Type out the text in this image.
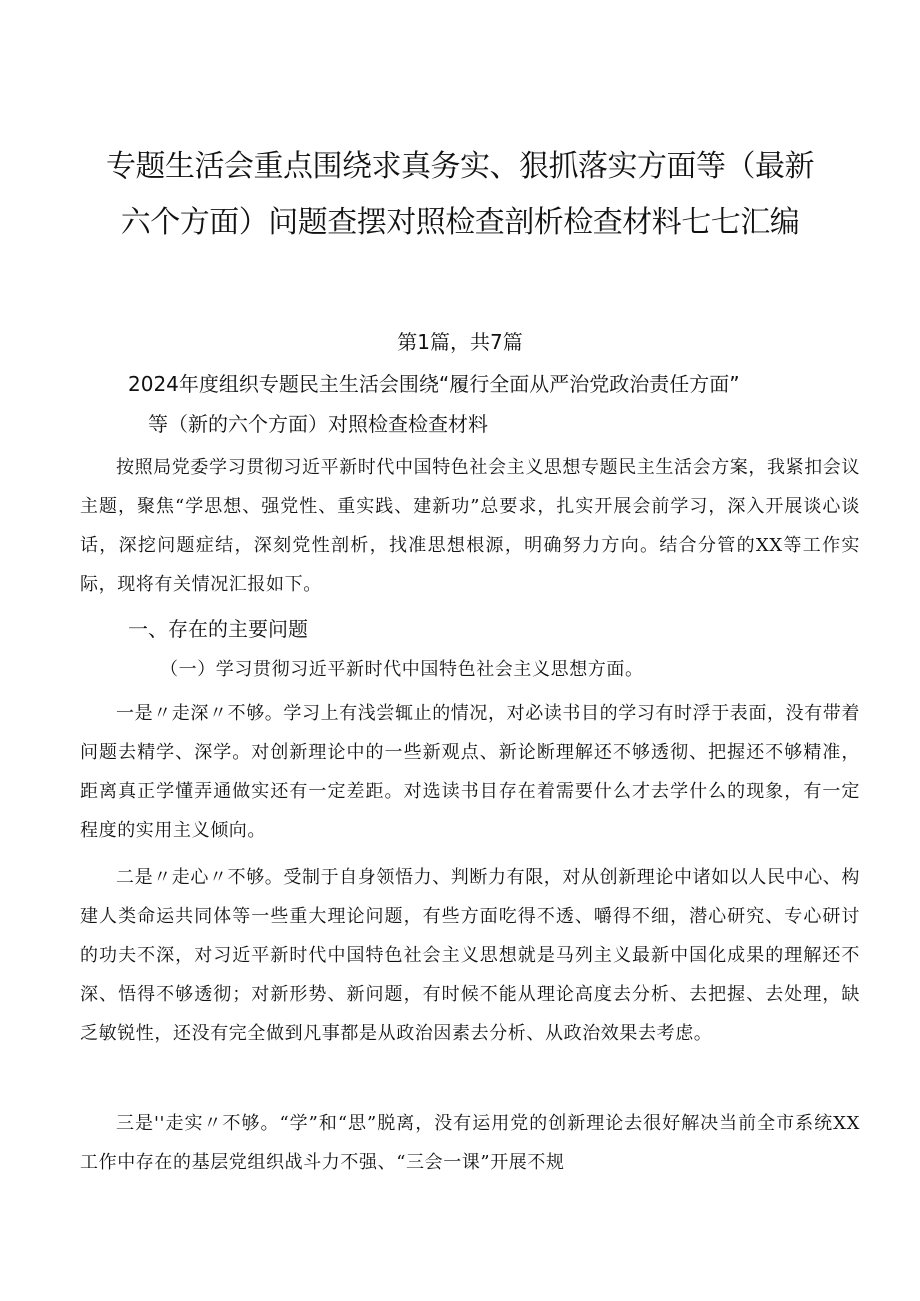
专题生活会重点围绕求真务实、狠抓落实方面等（最新
六个方面）问题查摆对照检查剖析检查材料七七汇编
第1篇，共7篇
2024年度组织专题民主生活会围绕“履行全面从严治党政治责任方面”
等（新的六个方面）对照检查检查材料

按照局党委学习贯彻习近平新时代中国特色社会主义思想专题民主生活会方案，我紧扣会议主题，聚焦“学思想、强党性、重实践、建新功”总要求，扎实开展会前学习，深入开展谈心谈话，深挖问题症结，深刻党性剖析，找准思想根源，明确努力方向。结合分管的XX等工作实际，现将有关情况汇报如下。

一、存在的主要问题
（一）学习贯彻习近平新时代中国特色社会主义思想方面。

一是〃走深〃不够。学习上有浅尝辄止的情况，对必读书目的学习有时浮于表面，没有带着问题去精学、深学。对创新理论中的一些新观点、新论断理解还不够透彻、把握还不够精准，距离真正学懂弄通做实还有一定差距。对选读书目存在着需要什么才去学什么的现象，有一定程度的实用主义倾向。

二是〃走心〃不够。受制于自身领悟力、判断力有限，对从创新理论中诸如以人民中心、构建人类命运共同体等一些重大理论问题，有些方面吃得不透、嚼得不细，潜心研究、专心研讨的功夫不深，对习近平新时代中国特色社会主义思想就是马列主义最新中国化成果的理解还不深、悟得不够透彻；对新形势、新问题，有时候不能从理论高度去分析、去把握、去处理，缺乏敏锐性，还没有完全做到凡事都是从政治因素去分析、从政治效果去考虑。

三是''走实〃不够。“学”和“思”脱离，没有运用党的创新理论去很好解决当前全市系统XX工作中存在的基层党组织战斗力不强、“三会一课”开展不规
